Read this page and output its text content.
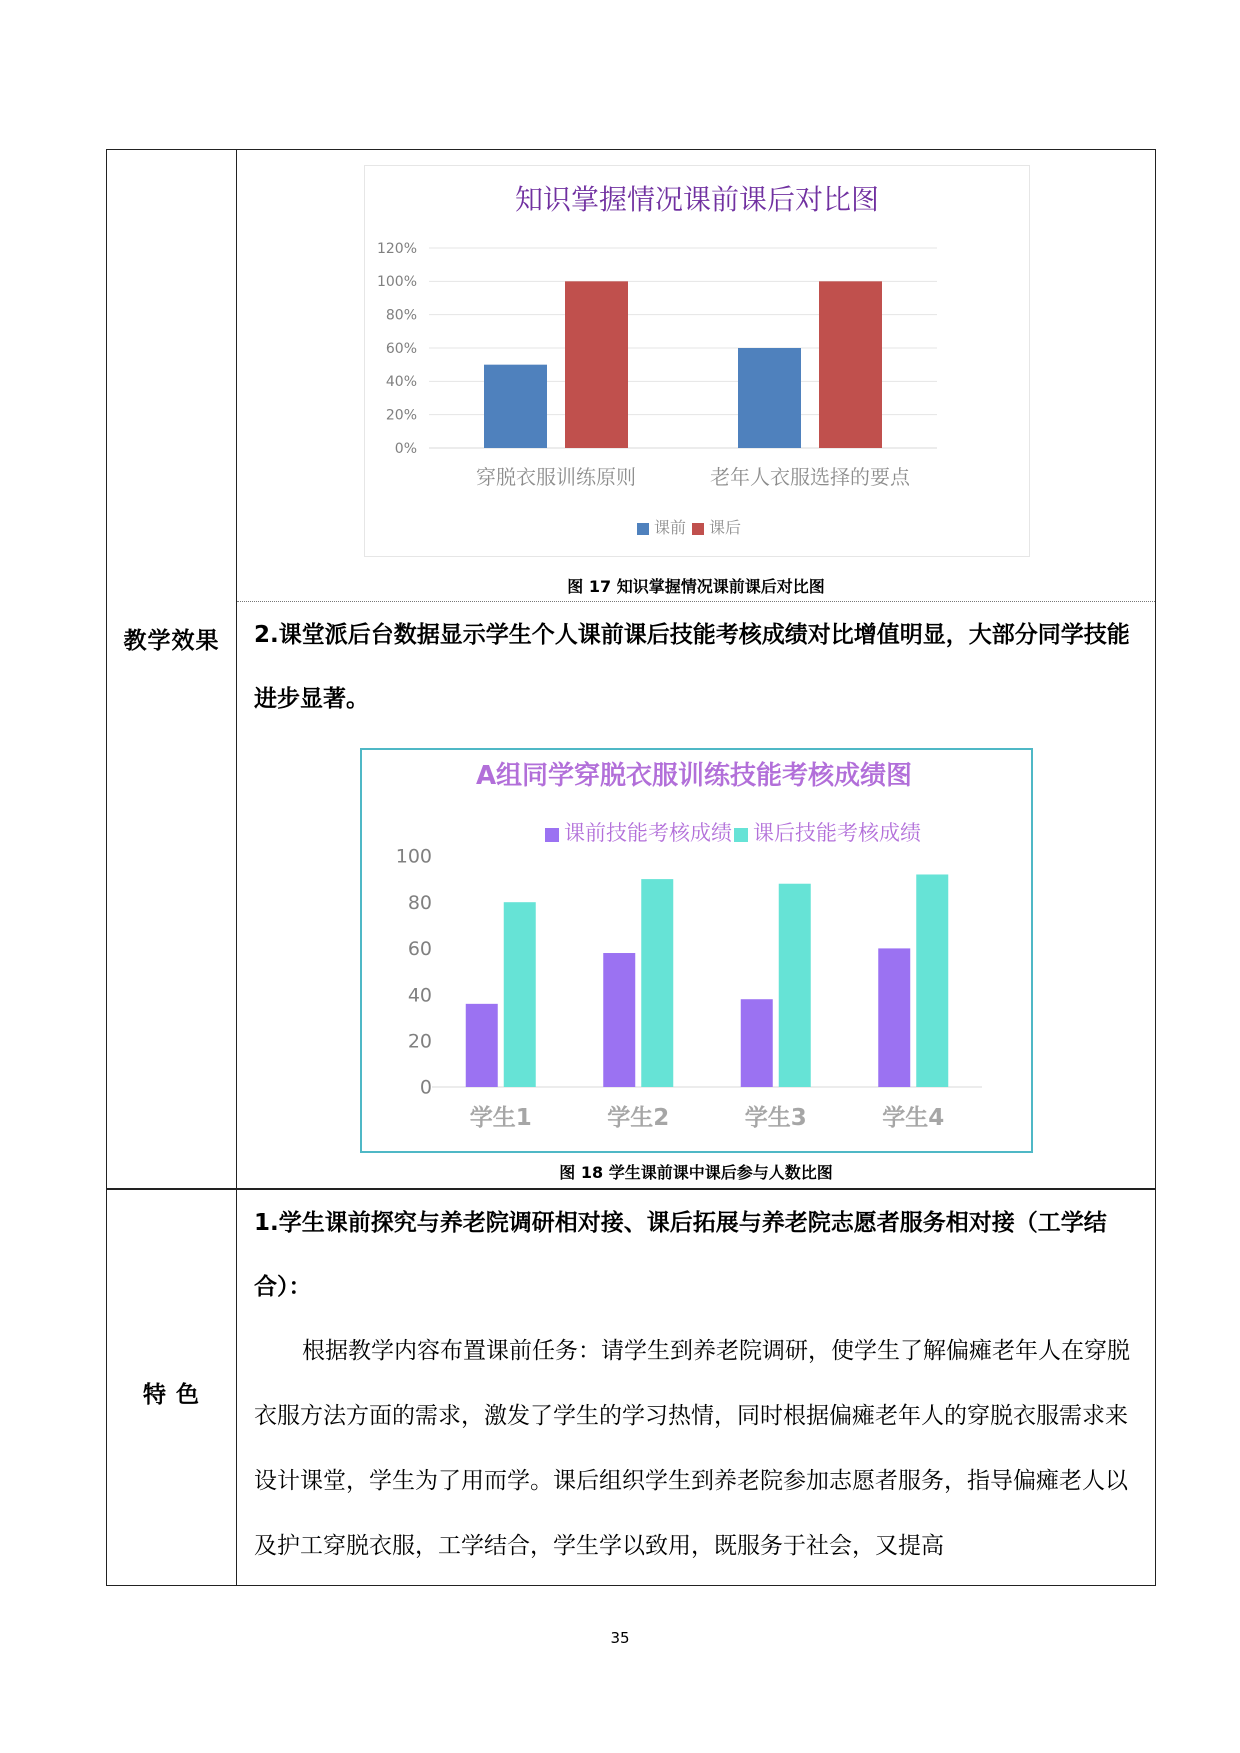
教学效果
特 色

2.课堂派后台数据显示学生个人课前课后技能考核成绩对比增值明显，大部分同学技能进步显著。

1.学生课前探究与养老院调研相对接、课后拓展与养老院志愿者服务相对接（工学结合）：

根据教学内容布置课前任务：请学生到养老院调研，使学生了解偏瘫老年人在穿脱衣服方法方面的需求，激发了学生的学习热情，同时根据偏瘫老年人的穿脱衣服需求来设计课堂，学生为了用而学。课后组织学生到养老院参加志愿者服务，指导偏瘫老人以及护工穿脱衣服，工学结合，学生学以致用，既服务于社会，又提高

图 17 知识掌握情况课前课后对比图
图 18 学生课前课中课后参与人数比图
知识掌握情况课前课后对比图
0%
20%
40%
60%
80%
100%
120%
穿脱衣服训练原则	老年人衣服选择的要点
课前 课后
A组同学穿脱衣服训练技能考核成绩图
0
20
40
60
80
100
学生1	学生2	学生3	学生4
课前技能考核成绩 课后技能考核成绩
35
